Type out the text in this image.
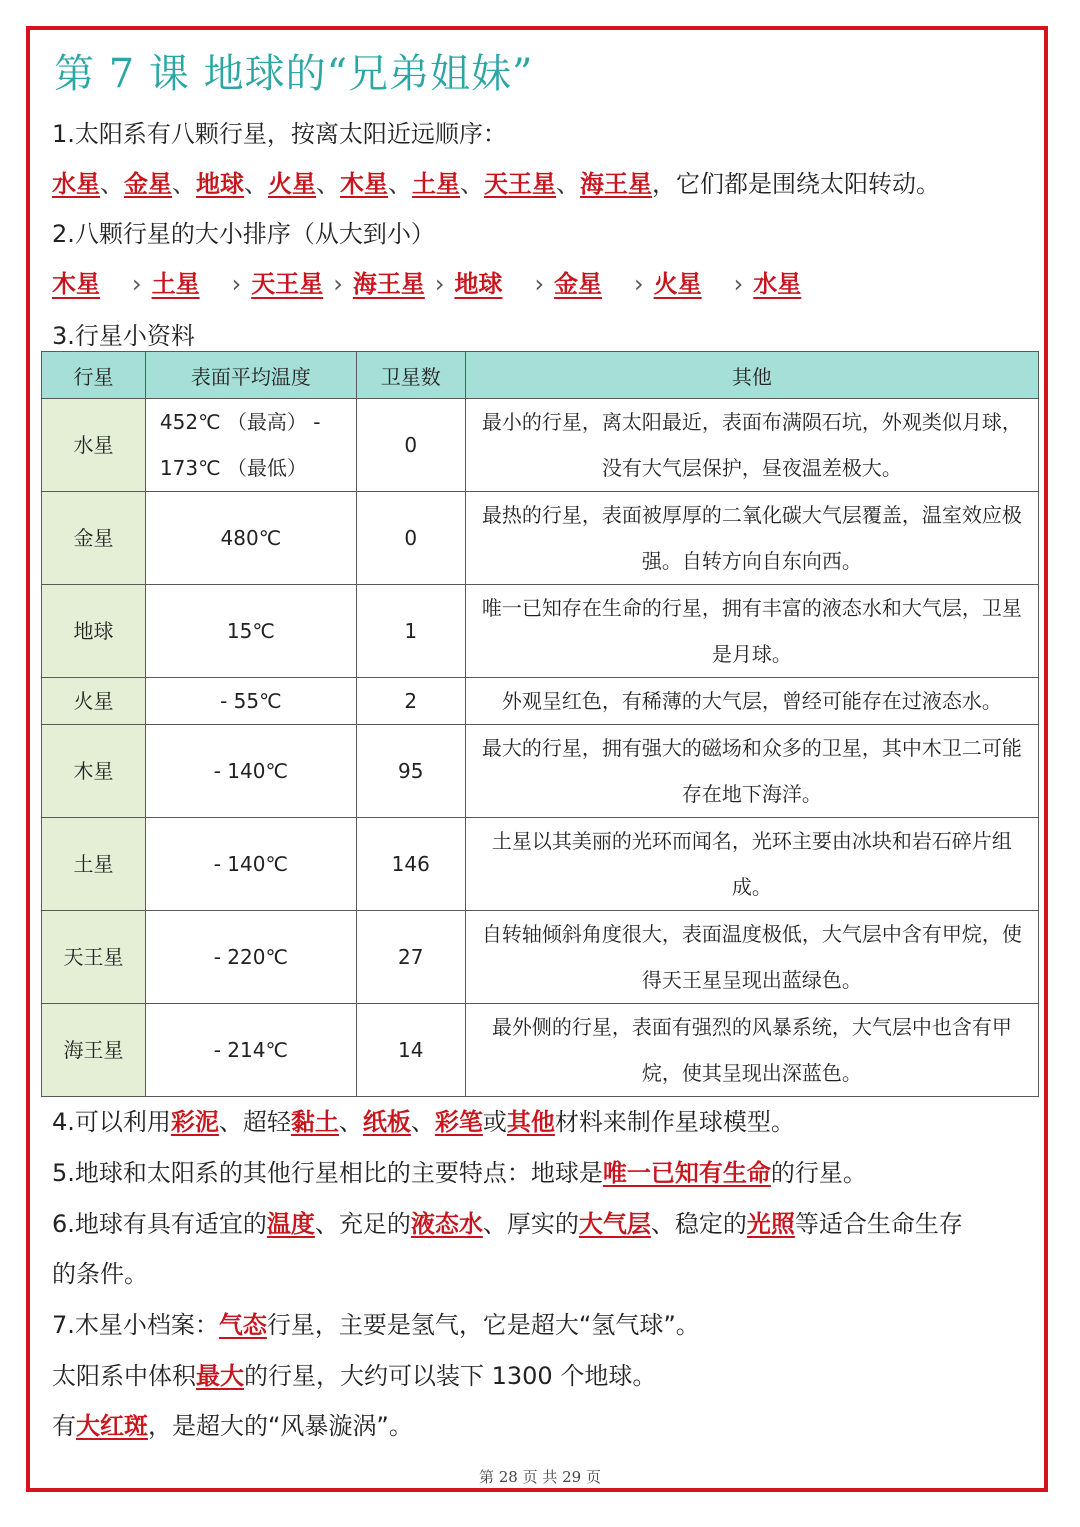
第 7 课 地球的“兄弟姐妹”
1.太阳系有八颗行星，按离太阳近远顺序：
水星、金星、地球、火星、木星、土星、天王星、海王星，它们都是围绕太阳转动。
2.八颗行星的大小排序（从大到小）
木星 › 土星 › 天王星 › 海王星 › 地球 › 金星 › 火星 › 水星
3.行星小资料
行星	表面平均温度	卫星数	其他
水星	452℃ （最高） - 173℃ （最低）	0	最小的行星，离太阳最近，表面布满陨石坑，外观类似月球，没有大气层保护，昼夜温差极大。
金星	480℃	0	最热的行星，表面被厚厚的二氧化碳大气层覆盖，温室效应极强。自转方向自东向西。
地球	15℃	1	唯一已知存在生命的行星，拥有丰富的液态水和大气层，卫星是月球。
火星	- 55℃	2	外观呈红色，有稀薄的大气层，曾经可能存在过液态水。
木星	- 140℃	95	最大的行星，拥有强大的磁场和众多的卫星，其中木卫二可能存在地下海洋。
土星	- 140℃	146	土星以其美丽的光环而闻名，光环主要由冰块和岩石碎片组成。
天王星	- 220℃	27	自转轴倾斜角度很大，表面温度极低，大气层中含有甲烷，使得天王星呈现出蓝绿色。
海王星	- 214℃	14	最外侧的行星，表面有强烈的风暴系统，大气层中也含有甲烷，使其呈现出深蓝色。
4.可以利用彩泥、超轻黏土、纸板、彩笔或其他材料来制作星球模型。
5.地球和太阳系的其他行星相比的主要特点：地球是唯一已知有生命的行星。
6.地球有具有适宜的温度、充足的液态水、厚实的大气层、稳定的光照等适合生命生存
的条件。
7.木星小档案：气态行星，主要是氢气，它是超大“氢气球”。
太阳系中体积最大的行星，大约可以装下 1300 个地球。
有大红斑，是超大的“风暴漩涡”。
第 28 页 共 29 页
